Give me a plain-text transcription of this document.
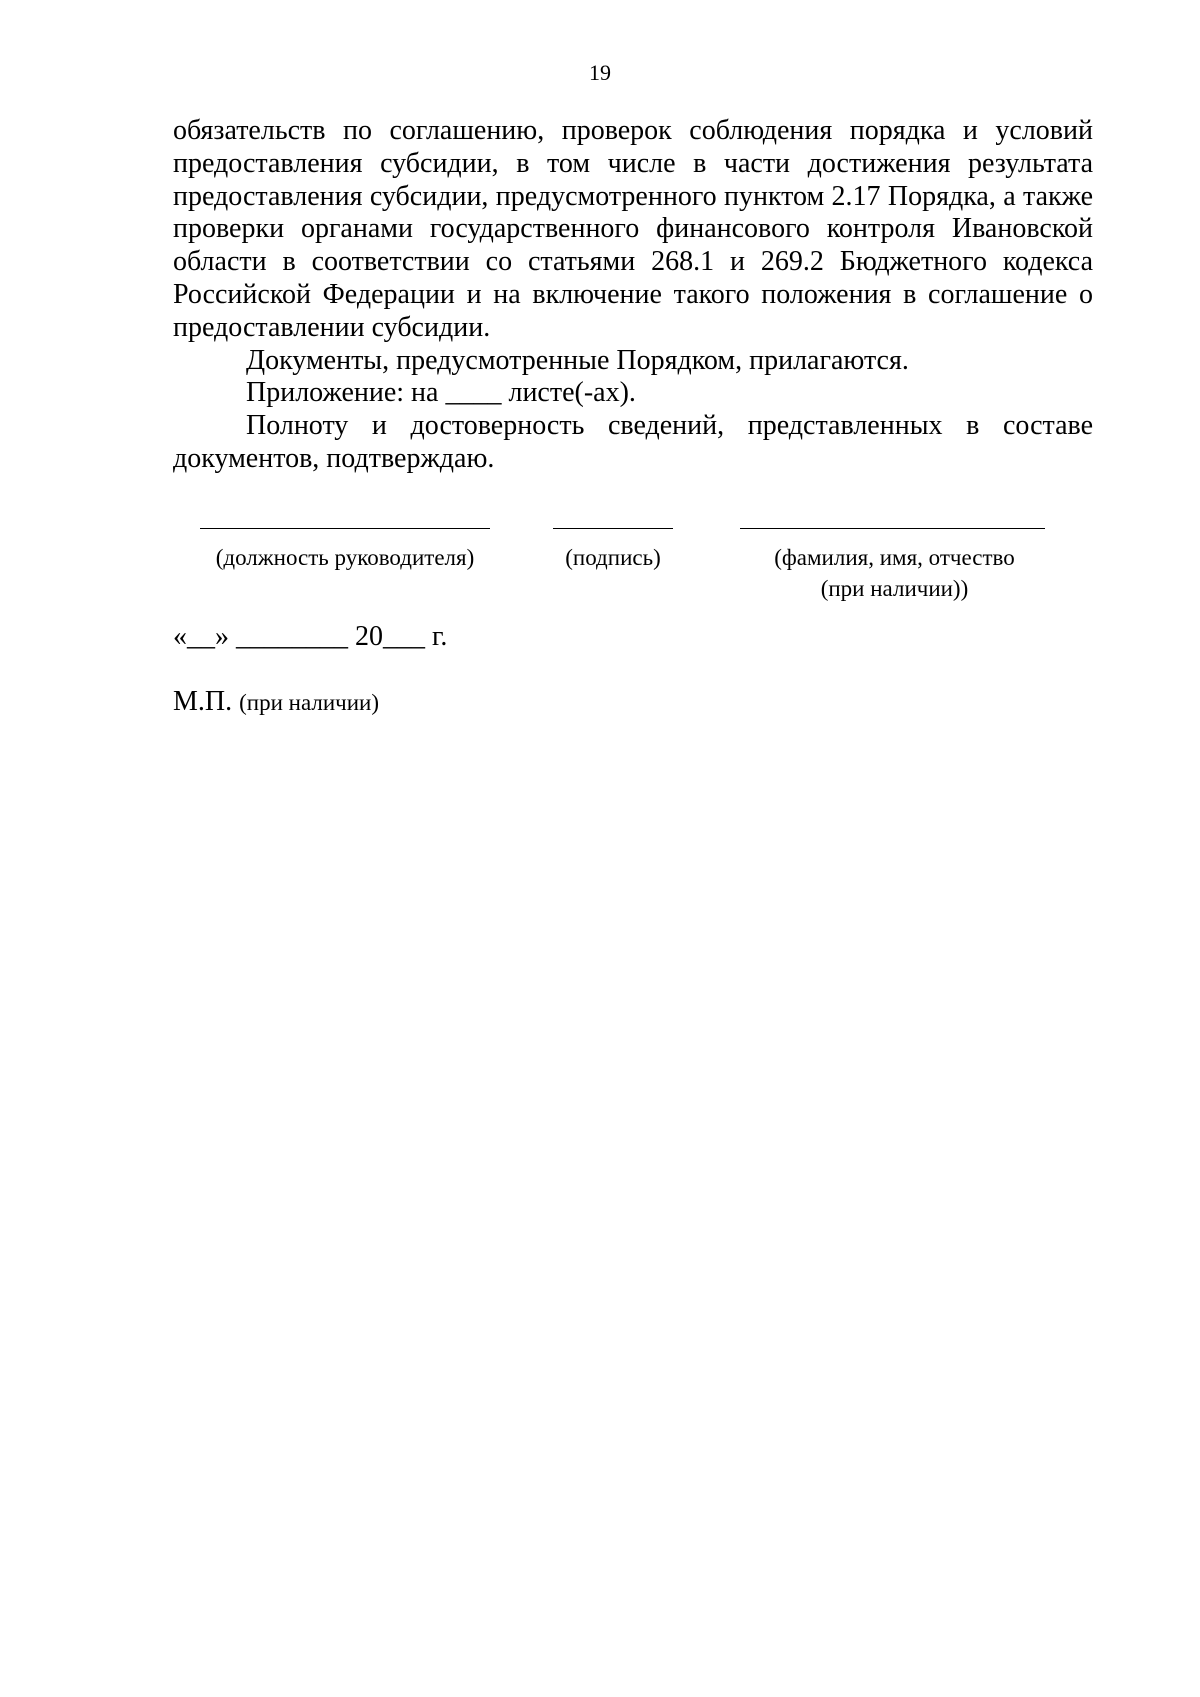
19

обязательств по соглашению, проверок соблюдения порядка и условий предоставления субсидии, в том числе в части достижения результата предоставления субсидии, предусмотренного пунктом 2.17 Порядка, а также проверки органами государственного финансового контроля Ивановской области в соответствии со статьями 268.1 и 269.2 Бюджетного кодекса Российской Федерации и на включение такого положения в соглашение о предоставлении субсидии.

Документы, предусмотренные Порядком, прилагаются.

Приложение: на ____ листе(-ах).

Полноту и достоверность сведений, представленных в составе документов, подтверждаю.

(должность руководителя)	(подпись)	(фамилия, имя, отчество
(при наличии))
«__» ________ 20___ г.
М.П. (при наличии)
